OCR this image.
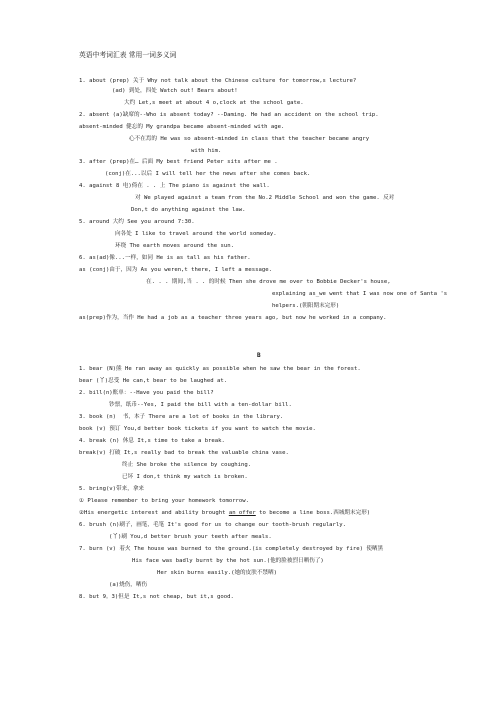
英语中考词汇表 常用一词多义词
B
1. about (prep) 关于 Why not talk about the Chinese culture for tomorrow,s lecture?
(ad) 到处，四处 Watch out! Bears about!
大约 Let,s meet at about 4 o,clock at the school gate.
2. absent (a)缺席的--Who is absent today? --Daming. He had an accident on the school trip.
absent-minded 健忘的 My grandpa became absent-minded with age.
心不在焉的 He was so absent-minded in class that the teacher became angry
with him.
3. after (prep)在… 后面 My best friend Peter sits after me .
(conj)在...以后 I will tell her the news after she comes back.
4. against 8 电)倚在 . . 上 The piano is against the wall.
对 We played against a team from the No.2 Middle School and won the game. 反对
Don,t do anything against the law.
5. around 大约 See you around 7:30.
向各处 I like to travel around the world someday.
环绕 The earth moves around the sun.
6. as(ad)像...一样，如同 He is as tall as his father.
as (conj)由于，因为 As you weren,t there, I left a message.
在. . . 期间,当 . . 的时候 Then she drove me over to Bobbie Decker's house,
explaining as_we went that I was now one of Santa 's
helpers.(朝阳期末完形)
as(prep)作为，当作 He had a job as a teacher three years ago, but now he worked in a company.
1. bear (N)熊 He ran away as quickly as possible when he saw the bear in the forest.
bear (丫)忍受 He can,t bear to be laughed at.
2. bill(n)账单：--Have you paid the bill?
钞票，纸币--Yes, I paid the bill with a ten-dollar bill.
3. book (n)  书，本子 There are a lot of books in the library.
book (v) 预订 You,d better book tickets if you want to watch the movie.
4. break (n) 休息 It,s time to take a break.
break(v) 打破 It,s really bad to break the valuable china vase.
终止 She broke the silence by coughing.
已坏 I don,t think my watch is broken.
5. bring(v)带来，拿来
① Please remember to bring your homework tomorrow.
②His energetic interest and ability brought an offer to become a line boss.西城期末完形)
6. brush (n)刷子，画笔，毛笔 It's good for us to change our tooth-brush regularly.
(丫)刷 You,d better brush your teeth after meals.
7. burn (v) 着火 The house was burned to the ground.(is completely destroyed by fire) 使晒黑
His face was badly burnt by the hot sun.(他的脸被烈日晒伤了)
Her skin burns easily.(她的皮肤不禁晒)
(a)烧伤，晒伤
8. but 9。3)但是 It,s not cheap, but it,s good.
